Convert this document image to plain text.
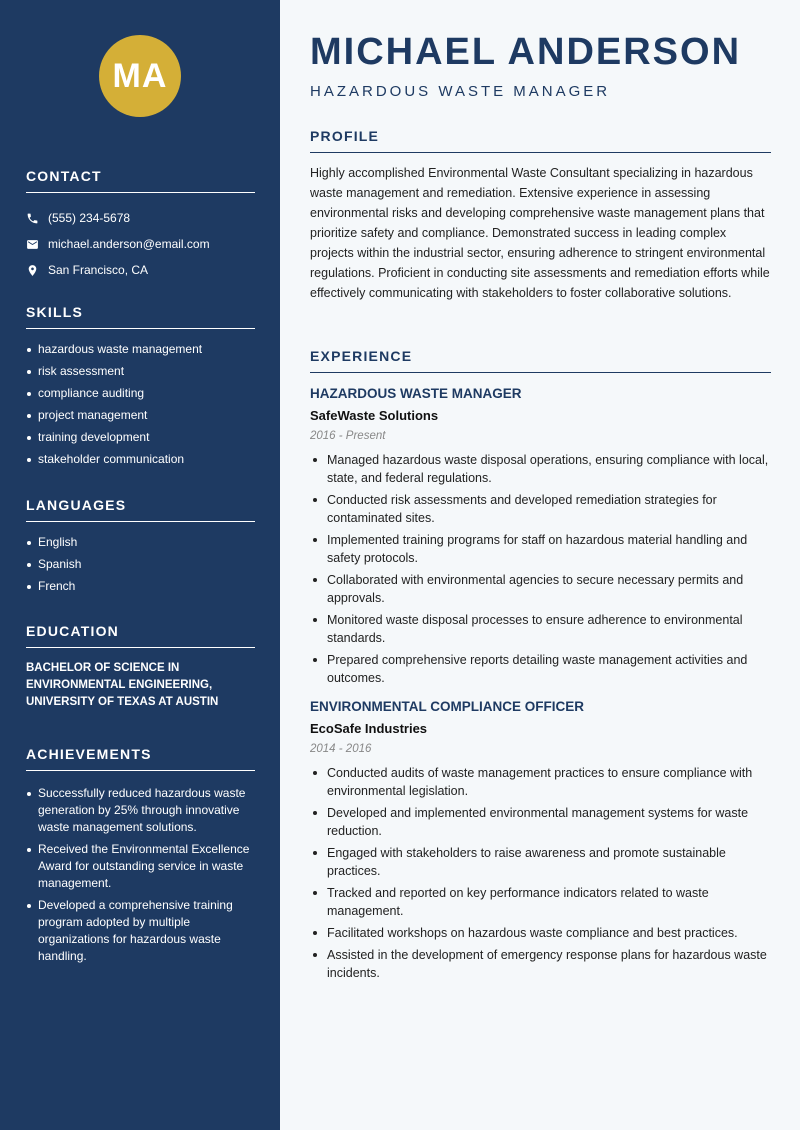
MA
CONTACT
(555) 234-5678
michael.anderson@email.com
San Francisco, CA
SKILLS
hazardous waste management
risk assessment
compliance auditing
project management
training development
stakeholder communication
LANGUAGES
English
Spanish
French
EDUCATION
BACHELOR OF SCIENCE IN ENVIRONMENTAL ENGINEERING, UNIVERSITY OF TEXAS AT AUSTIN
ACHIEVEMENTS
Successfully reduced hazardous waste generation by 25% through innovative waste management solutions.
Received the Environmental Excellence Award for outstanding service in waste management.
Developed a comprehensive training program adopted by multiple organizations for hazardous waste handling.
MICHAEL ANDERSON
HAZARDOUS WASTE MANAGER
PROFILE

Highly accomplished Environmental Waste Consultant specializing in hazardous waste management and remediation. Extensive experience in assessing environmental risks and developing comprehensive waste management plans that prioritize safety and compliance. Demonstrated success in leading complex projects within the industrial sector, ensuring adherence to stringent environmental regulations. Proficient in conducting site assessments and remediation efforts while effectively communicating with stakeholders to foster collaborative solutions.

EXPERIENCE
HAZARDOUS WASTE MANAGER
SafeWaste Solutions
2016 - Present
Managed hazardous waste disposal operations, ensuring compliance with local, state, and federal regulations.
Conducted risk assessments and developed remediation strategies for contaminated sites.
Implemented training programs for staff on hazardous material handling and safety protocols.
Collaborated with environmental agencies to secure necessary permits and approvals.
Monitored waste disposal processes to ensure adherence to environmental standards.
Prepared comprehensive reports detailing waste management activities and outcomes.
ENVIRONMENTAL COMPLIANCE OFFICER
EcoSafe Industries
2014 - 2016
Conducted audits of waste management practices to ensure compliance with environmental legislation.
Developed and implemented environmental management systems for waste reduction.
Engaged with stakeholders to raise awareness and promote sustainable practices.
Tracked and reported on key performance indicators related to waste management.
Facilitated workshops on hazardous waste compliance and best practices.
Assisted in the development of emergency response plans for hazardous waste incidents.
